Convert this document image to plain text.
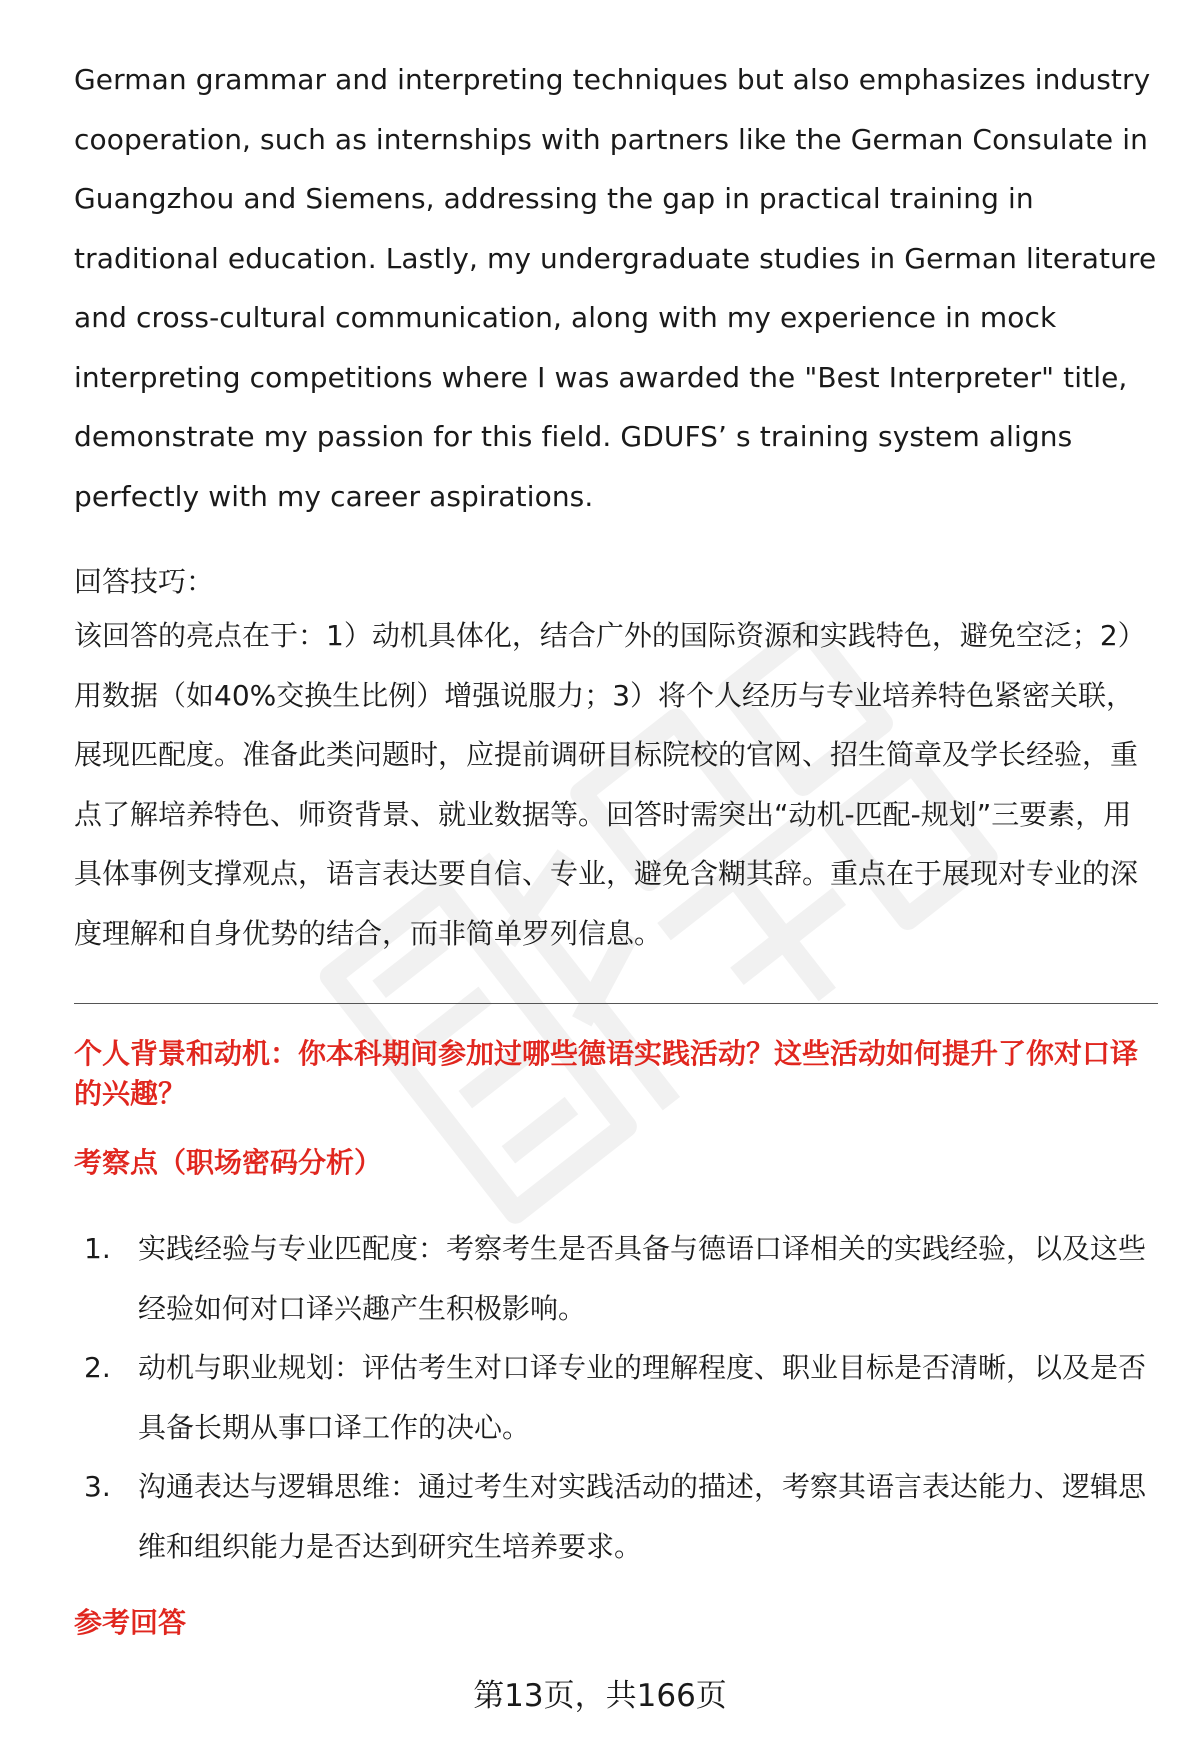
German grammar and interpreting techniques but also emphasizes industry cooperation, such as internships with partners like the German Consulate in Guangzhou and Siemens, addressing the gap in practical training in traditional education. Lastly, my undergraduate studies in German literature and cross-cultural communication, along with my experience in mock interpreting competitions where I was awarded the "Best Interpreter" title, demonstrate my passion for this field. GDUFS’ s training system aligns perfectly with my career aspirations.

回答技巧：

该回答的亮点在于：1）动机具体化，结合广外的国际资源和实践特色，避免空泛；2）用数据（如40%交换生比例）增强说服力；3）将个人经历与专业培养特色紧密关联，展现匹配度。准备此类问题时，应提前调研目标院校的官网、招生简章及学长经验，重点了解培养特色、师资背景、就业数据等。回答时需突出“动机-匹配-规划”三要素，用具体事例支撑观点，语言表达要自信、专业，避免含糊其辞。重点在于展现对专业的深度理解和自身优势的结合，而非简单罗列信息。

个人背景和动机：你本科期间参加过哪些德语实践活动？这些活动如何提升了你对口译的兴趣？
考察点（职场密码分析）
1. 实践经验与专业匹配度：考察考生是否具备与德语口译相关的实践经验，以及这些经验如何对口译兴趣产生积极影响。
2. 动机与职业规划：评估考生对口译专业的理解程度、职业目标是否清晰，以及是否具备长期从事口译工作的决心。
3. 沟通表达与逻辑思维：通过考生对实践活动的描述，考察其语言表达能力、逻辑思维和组织能力是否达到研究生培养要求。
参考回答
第13页，共166页
